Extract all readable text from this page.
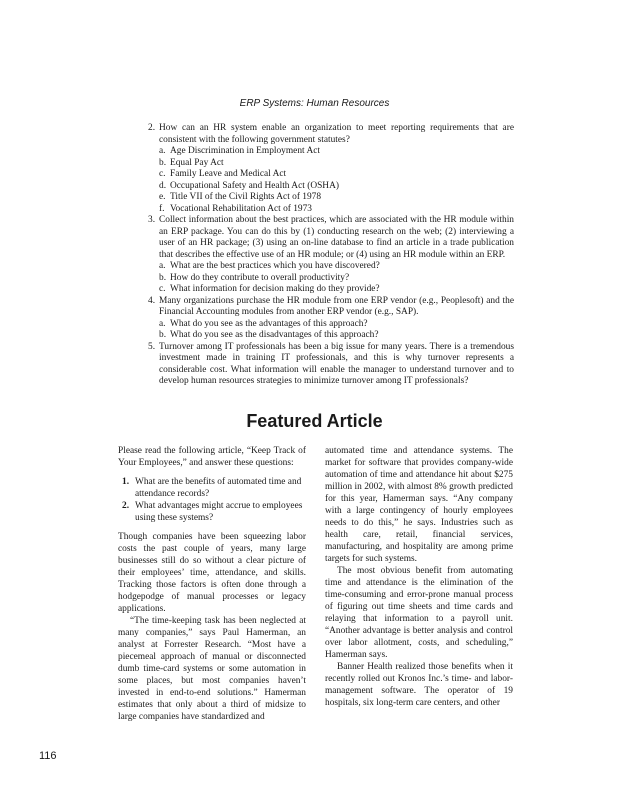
ERP Systems: Human Resources
2. How can an HR system enable an organization to meet reporting requirements that are consistent with the following government statutes?

a. Age Discrimination in Employment Act
b. Equal Pay Act
c. Family Leave and Medical Act
d. Occupational Safety and Health Act (OSHA)
e. Title VII of the Civil Rights Act of 1978
f. Vocational Rehabilitation Act of 1973
3. Collect information about the best practices, which are associated with the HR module within an ERP package. You can do this by (1) conducting research on the web; (2) interviewing a user of an HR package; (3) using an on-line database to find an article in a trade publication that describes the effective use of an HR module; or (4) using an HR module within an ERP.

a. What are the best practices which you have discovered?
b. How do they contribute to overall productivity?
c. What information for decision making do they provide?
4. Many organizations purchase the HR module from one ERP vendor (e.g., Peoplesoft) and the Financial Accounting modules from another ERP vendor (e.g., SAP).

a. What do you see as the advantages of this approach?
b. What do you see as the disadvantages of this approach?
5. Turnover among IT professionals has been a big issue for many years. There is a tremendous investment made in training IT professionals, and this is why turnover represents a considerable cost. What information will enable the manager to understand turnover and to develop human resources strategies to minimize turnover among IT professionals?

Featured Article

Please read the following article, “Keep Track of Your Employees,” and answer these questions:

1. What are the benefits of automated time and attendance records?
2. What advantages might accrue to employees using these systems?

Though companies have been squeezing labor costs the past couple of years, many large businesses still do so without a clear picture of their employees’ time, attendance, and skills. Tracking those factors is often done through a hodgepodge of manual processes or legacy applications.

“The time-keeping task has been neglected at many companies,” says Paul Hamerman, an analyst at Forrester Research. “Most have a piecemeal approach of manual or disconnected dumb time-card systems or some automation in some places, but most companies haven’t invested in end-to-end solutions.” Hamerman estimates that only about a third of midsize to large companies have standardized and

automated time and attendance systems. The market for software that provides company-wide automation of time and attendance hit about $275 million in 2002, with almost 8% growth predicted for this year, Hamerman says. “Any company with a large contingency of hourly employees needs to do this,” he says. Industries such as health care, retail, financial services, manufacturing, and hospitality are among prime targets for such systems.

The most obvious benefit from automating time and attendance is the elimination of the time-consuming and error-prone manual process of figuring out time sheets and time cards and relaying that information to a payroll unit. “Another advantage is better analysis and control over labor allotment, costs, and scheduling,” Hamerman says.

Banner Health realized those benefits when it recently rolled out Kronos Inc.’s time- and labor-management software. The operator of 19 hospitals, six long-term care centers, and other

116
